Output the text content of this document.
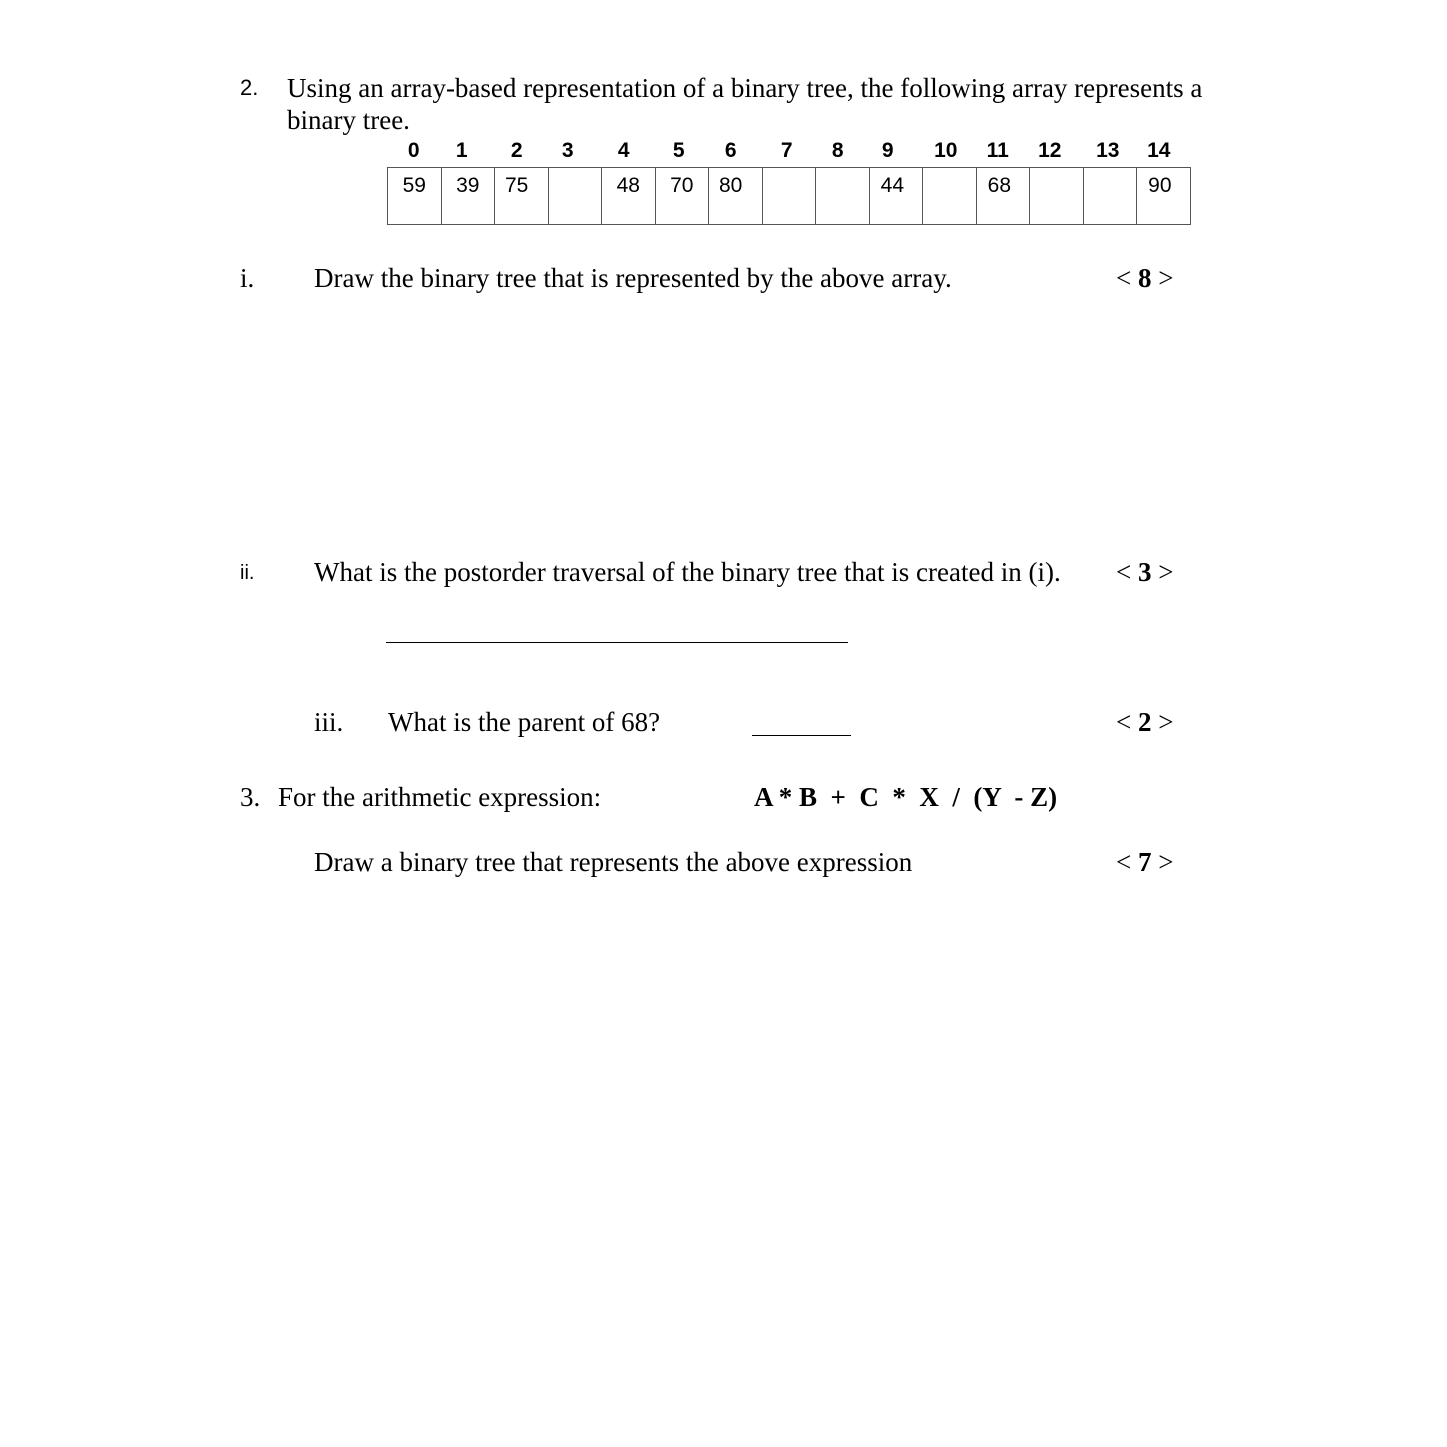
2. Using an array-based representation of a binary tree, the following array represents a
binary tree.
0	1	2	3	4	5	6	7	8	9	10	11	12	13	14
59	39	75		48	70	80			44		68			90
i. Draw the binary tree that is represented by the above array.	< 8 >
ii. What is the postorder traversal of the binary tree that is created in (i). < 3 >
iii. What is the parent of 68?	< 2 >
3. For the arithmetic expression:	A * B  +  C  *  X  /  (Y  - Z)
Draw a binary tree that represents the above expression	< 7 >
